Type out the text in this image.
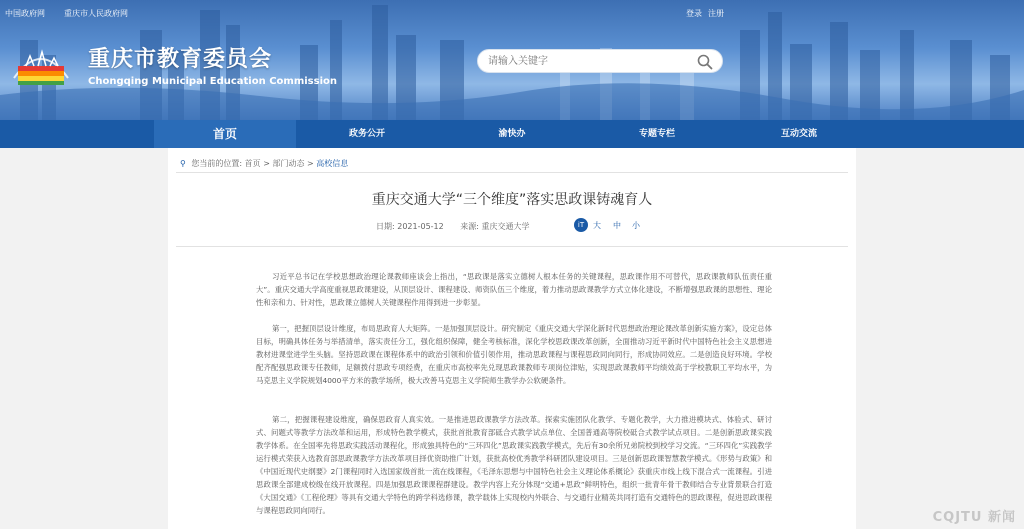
中国政府网 重庆市人民政府网	登录 注册
重庆市教育委员会
Chongqing Municipal Education Commission
请输入关键字
首页	政务公开	渝快办	专题专栏	互动交流
⚲ 您当前的位置: 首页 > 部门动态 > 高校信息
重庆交通大学“三个维度”落实思政课铸魂育人
日期: 2021-05-12 来源: 重庆交通大学	iT	大 中 小
习近平总书记在学校思想政治理论课教师座谈会上指出，“思政课是落实立德树人根本任务的关键课程，思政课作用不可替代，思政课教师队伍责任重大”。重庆交通大学高度重视思政课建设，从顶层设计、课程建设、师资队伍三个维度，着力推动思政课教学方式立体化建设，不断增强思政课的思想性、理论性和亲和力、针对性，思政课立德树人关键课程作用得到进一步彰显。
第一，把握顶层设计维度，布局思政育人大矩阵。一是加强顶层设计。研究制定《重庆交通大学深化新时代思想政治理论课改革创新实施方案》，设定总体目标，明确具体任务与举措清单，落实责任分工，强化组织保障，健全考核标准，深化学校思政课改革创新，全面推动习近平新时代中国特色社会主义思想进教材进课堂进学生头脑。坚持思政课在课程体系中的政治引领和价值引领作用，推动思政课程与课程思政同向同行，形成协同效应。二是创造良好环境。学校配齐配强思政课专任教师，足额拨付思政专项经费，在重庆市高校率先兑现思政课教师专项岗位津贴，实现思政课教师平均绩效高于学校教职工平均水平，为马克思主义学院规划4000平方米的教学场所，极大改善马克思主义学院师生教学办公软硬条件。
第二，把握课程建设维度，确保思政育人真实效。一是推进思政课教学方法改革。探索实施团队化教学、专题化教学，大力推进模块式、体验式、研讨式、问题式等教学方法改革和运用，形成特色教学模式，获批首批教育部砥合式教学试点单位、全国普通高等院校砥合式教学试点项目。二是创新思政课实践教学体系。在全国率先将思政实践活动课程化，形成独具特色的“三环四化”思政课实践教学模式，先后有30余所兄弟院校到校学习交流。“三环四化”实践教学运行模式荣获入选教育部思政课教学方法改革项目择优资助推广计划，获批高校优秀教学科研团队建设项目。三是创新思政课智慧教学模式。《形势与政策》和《中国近现代史纲要》2门课程同时入选国家级首批一流在线课程，《毛泽东思想与中国特色社会主义理论体系概论》获重庆市线上线下混合式一流课程。引进思政课全部建成校级在线开放课程。四是加强思政课课程群建设。教学内容上充分体现“交通+思政”鲜明特色，组织一批青年骨干教师结合专业背景联合打造《大国交通》《工程伦理》等具有交通大学特色的跨学科选修课，教学载体上实现校内外联合、与交通行业精英共同打造有交通特色的思政课程，促进思政课程与课程思政同向同行。	CQJTU 新闻
